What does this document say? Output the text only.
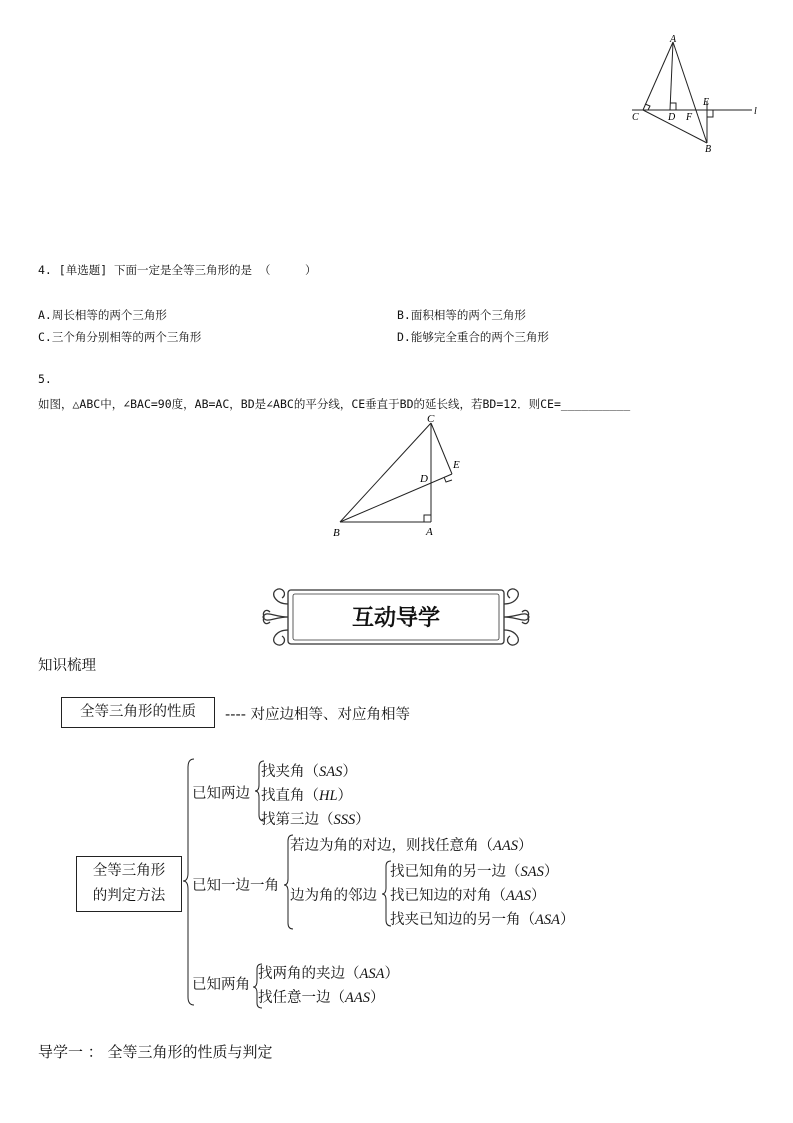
A
C	D
E
F
B
l
4. [单选题] 下面一定是全等三角形的是 （　　　）
A.周长相等的两个三角形	B.面积相等的两个三角形
C.三个角分别相等的两个三角形	D.能够完全重合的两个三角形
5.
如图，△ABC中，∠BAC=90度，AB=AC，BD是∠ABC的平分线，CE垂直于BD的延长线，若BD=12．则CE=__________
C
E
D
B	A
互动导学
知识梳理
全等三角形的性质	---- 对应边相等、对应角相等
全等三角形
的判定方法
已知两边
已知一边一角
已知两角
找夹角（SAS）
找直角（HL）
找第三边（SSS）
若边为角的对边，则找任意角（AAS）
边为角的邻边
找已知角的另一边（SAS）
找已知边的对角（AAS）
找夹已知边的另一角（ASA）
找两角的夹边（ASA）
找任意一边（AAS）
导学一 ： 全等三角形的性质与判定
